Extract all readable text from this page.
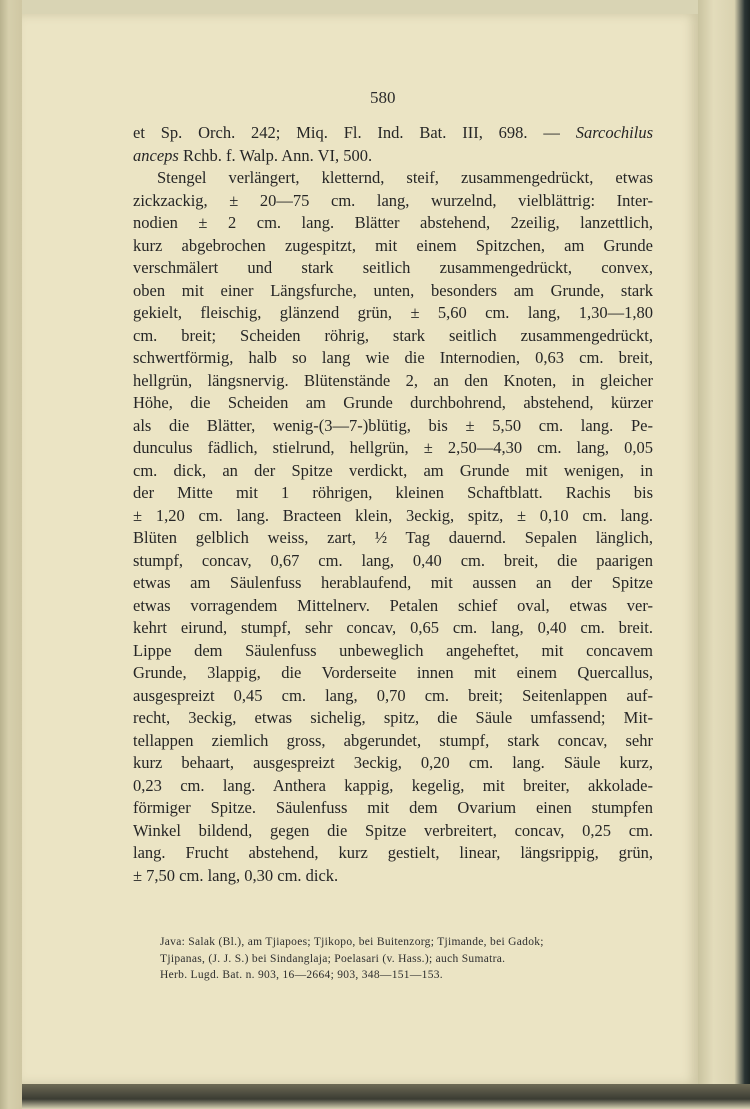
580
et Sp. Orch. 242; Miq. Fl. Ind. Bat. III, 698. — Sarcochilus
anceps Rchb. f. Walp. Ann. VI, 500.
Stengel verlängert, kletternd, steif, zusammengedrückt, etwas
zickzackig, ± 20—75 cm. lang, wurzelnd, vielblättrig: Inter-
nodien ± 2 cm. lang. Blätter abstehend, 2zeilig, lanzettlich,
kurz abgebrochen zugespitzt, mit einem Spitzchen, am Grunde
verschmälert und stark seitlich zusammengedrückt, convex,
oben mit einer Längsfurche, unten, besonders am Grunde, stark
gekielt, fleischig, glänzend grün, ± 5,60 cm. lang, 1,30—1,80
cm. breit; Scheiden röhrig, stark seitlich zusammengedrückt,
schwertförmig, halb so lang wie die Internodien, 0,63 cm. breit,
hellgrün, längsnervig. Blütenstände 2, an den Knoten, in gleicher
Höhe, die Scheiden am Grunde durchbohrend, abstehend, kürzer
als die Blätter, wenig-(3—7-)blütig, bis ± 5,50 cm. lang. Pe-
dunculus fädlich, stielrund, hellgrün, ± 2,50—4,30 cm. lang, 0,05
cm. dick, an der Spitze verdickt, am Grunde mit wenigen, in
der Mitte mit 1 röhrigen, kleinen Schaftblatt. Rachis bis
± 1,20 cm. lang. Bracteen klein, 3eckig, spitz, ± 0,10 cm. lang.
Blüten gelblich weiss, zart, ½ Tag dauernd. Sepalen länglich,
stumpf, concav, 0,67 cm. lang, 0,40 cm. breit, die paarigen
etwas am Säulenfuss herablaufend, mit aussen an der Spitze
etwas vorragendem Mittelnerv. Petalen schief oval, etwas ver-
kehrt eirund, stumpf, sehr concav, 0,65 cm. lang, 0,40 cm. breit.
Lippe dem Säulenfuss unbeweglich angeheftet, mit concavem
Grunde, 3lappig, die Vorderseite innen mit einem Quercallus,
ausgespreizt 0,45 cm. lang, 0,70 cm. breit; Seitenlappen auf-
recht, 3eckig, etwas sichelig, spitz, die Säule umfassend; Mit-
tellappen ziemlich gross, abgerundet, stumpf, stark concav, sehr
kurz behaart, ausgespreizt 3eckig, 0,20 cm. lang. Säule kurz,
0,23 cm. lang. Anthera kappig, kegelig, mit breiter, akkolade-
förmiger Spitze. Säulenfuss mit dem Ovarium einen stumpfen
Winkel bildend, gegen die Spitze verbreitert, concav, 0,25 cm.
lang. Frucht abstehend, kurz gestielt, linear, längsrippig, grün,
± 7,50 cm. lang, 0,30 cm. dick.
Java: Salak (Bl.), am Tjiapoes; Tjikopo, bei Buitenzorg; Tjimande, bei Gadok;
Tjipanas, (J. J. S.) bei Sindanglaja; Poelasari (v. Hass.); auch Sumatra.
Herb. Lugd. Bat. n. 903, 16—2664; 903, 348—151—153.
